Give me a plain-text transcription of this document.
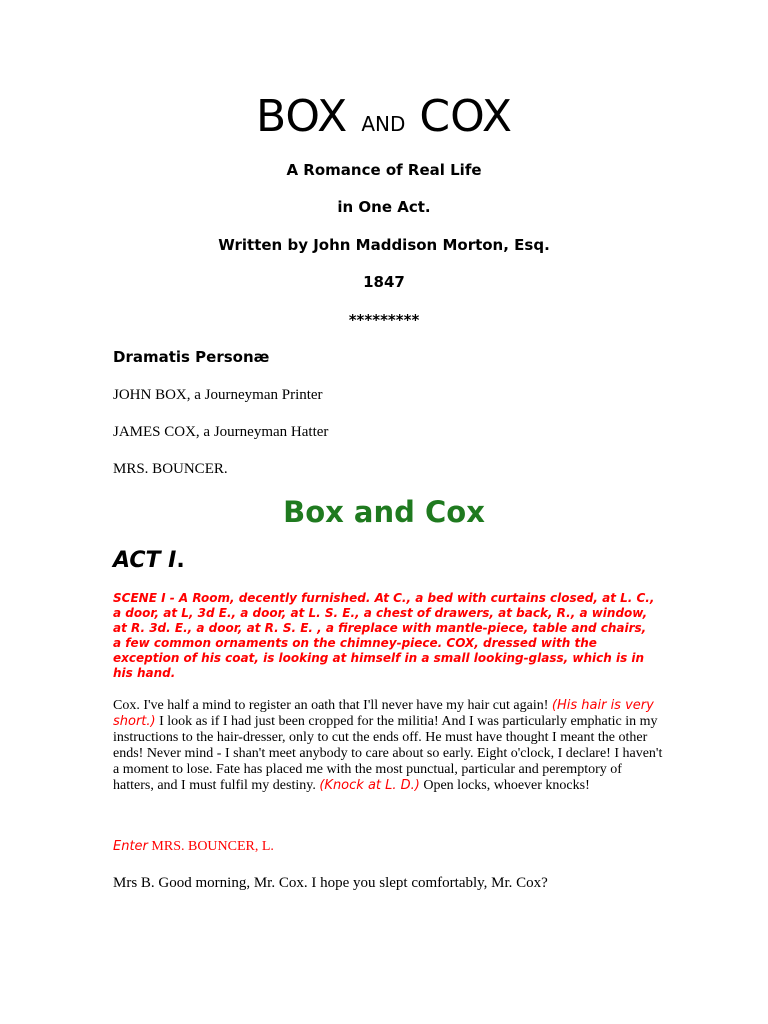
BOX AND COX
A Romance of Real Life
in One Act.
Written by John Maddison Morton, Esq.
1847
*********
Dramatis Personæ
JOHN BOX, a Journeyman Printer
JAMES COX, a Journeyman Hatter
MRS. BOUNCER.
Box and Cox
ACT I.
SCENE I - A Room, decently furnished. At C., a bed with curtains closed, at L. C., a door, at L, 3d E., a door, at L. S. E., a chest of drawers, at back, R., a window, at R. 3d. E., a door, at R. S. E. , a fireplace with mantle-piece, table and chairs, a few common ornaments on the chimney-piece. COX, dressed with the exception of his coat, is looking at himself in a small looking-glass, which is in his hand.
Cox. I've half a mind to register an oath that I'll never have my hair cut again! (His hair is very short.) I look as if I had just been cropped for the militia! And I was particularly emphatic in my instructions to the hair-dresser, only to cut the ends off. He must have thought I meant the other ends! Never mind - I shan't meet anybody to care about so early. Eight o'clock, I declare! I haven't a moment to lose. Fate has placed me with the most punctual, particular and peremptory of hatters, and I must fulfil my destiny. (Knock at L. D.) Open locks, whoever knocks!
Enter MRS. BOUNCER, L.
Mrs B. Good morning, Mr. Cox. I hope you slept comfortably, Mr. Cox?
